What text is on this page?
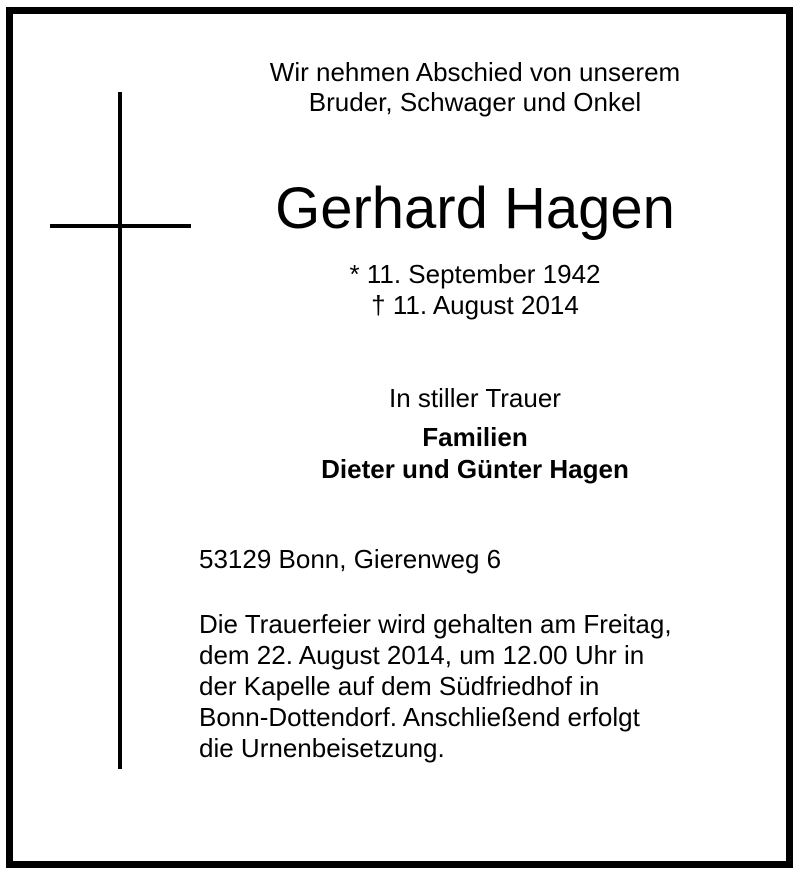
Wir nehmen Abschied von unserem
Bruder, Schwager und Onkel
Gerhard Hagen
* 11. September 1942
† 11. August 2014
In stiller Trauer
Familien
Dieter und Günter Hagen
53129 Bonn, Gierenweg 6
Die Trauerfeier wird gehalten am Freitag,
dem 22. August 2014, um 12.00 Uhr in
der Kapelle auf dem Südfriedhof in
Bonn-Dottendorf. Anschließend erfolgt
die Urnenbeisetzung.
